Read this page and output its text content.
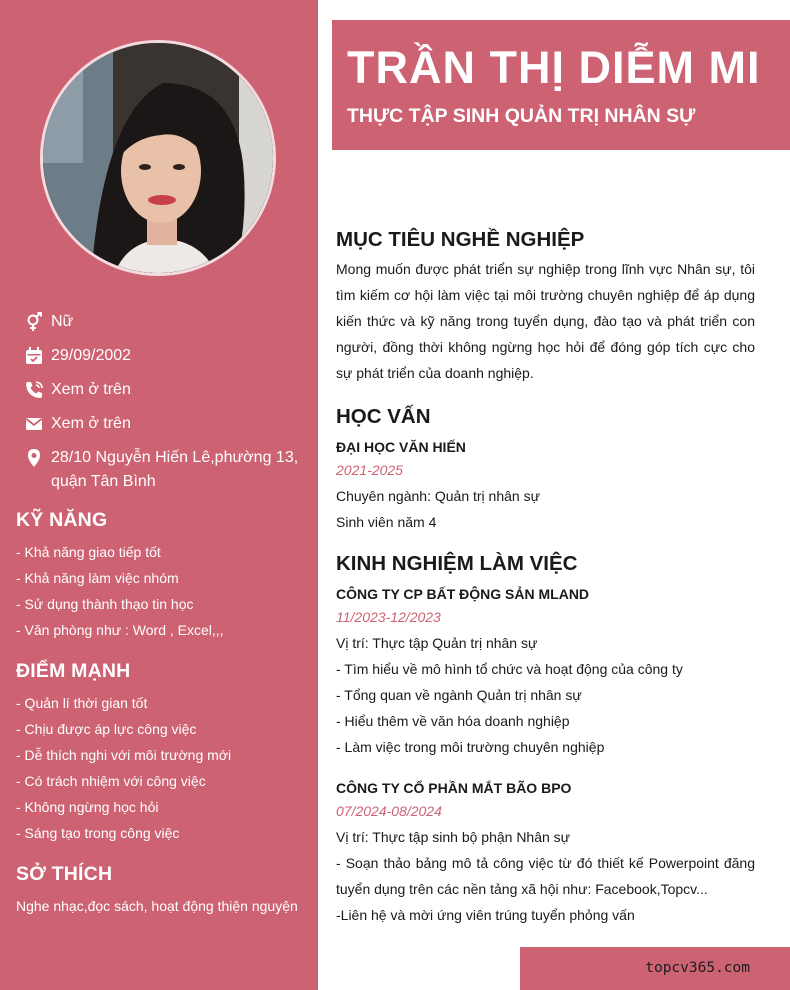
Nữ
29/09/2002
Xem ở trên
Xem ở trên
28/10 Nguyễn Hiến Lê,phường 13,
quận Tân Bình
KỸ NĂNG
- Khả năng giao tiếp tốt
- Khả năng làm việc nhóm
- Sử dụng thành thạo tin học
- Văn phòng như : Word , Excel,,,
ĐIỂM MẠNH
- Quản lí thời gian tốt
- Chịu được áp lực công việc
- Dễ thích nghi với môi trường mới
- Có trách nhiệm với công việc
- Không ngừng học hỏi
- Sáng tạo trong công việc
SỞ THÍCH
Nghe nhạc,đọc sách, hoạt động thiện nguyện
TRẦN THỊ DIỄM MI
THỰC TẬP SINH QUẢN TRỊ NHÂN SỰ
MỤC TIÊU NGHỀ NGHIỆP

Mong muốn được phát triển sự nghiệp trong lĩnh vực Nhân sự, tôi tìm kiếm cơ hội làm việc tại môi trường chuyên nghiệp để áp dụng kiến thức và kỹ năng trong tuyển dụng, đào tạo và phát triển con người, đồng thời không ngừng học hỏi để đóng góp tích cực cho sự phát triển của doanh nghiệp.

HỌC VẤN
ĐẠI HỌC VĂN HIẾN
2021-2025
Chuyên ngành: Quản trị nhân sự
Sinh viên năm 4
KINH NGHIỆM LÀM VIỆC
CÔNG TY CP BẤT ĐỘNG SẢN MLAND
11/2023-12/2023
Vị trí: Thực tập Quản trị nhân sự
- Tìm hiểu về mô hình tổ chức và hoạt động của công ty
- Tổng quan về ngành Quản trị nhân sự
- Hiểu thêm về văn hóa doanh nghiệp
- Làm việc trong môi trường chuyên nghiệp
CÔNG TY CỔ PHẦN MẮT BÃO BPO
07/2024-08/2024
Vị trí: Thực tập sinh bộ phận Nhân sự
- Soạn thảo bảng mô tả công việc từ đó thiết kế Powerpoint đăng tuyển dụng trên các nền tảng xã hội như: Facebook,Topcv...
-Liên hệ và mời ứng viên trúng tuyển phỏng vấn
topcv365.com
